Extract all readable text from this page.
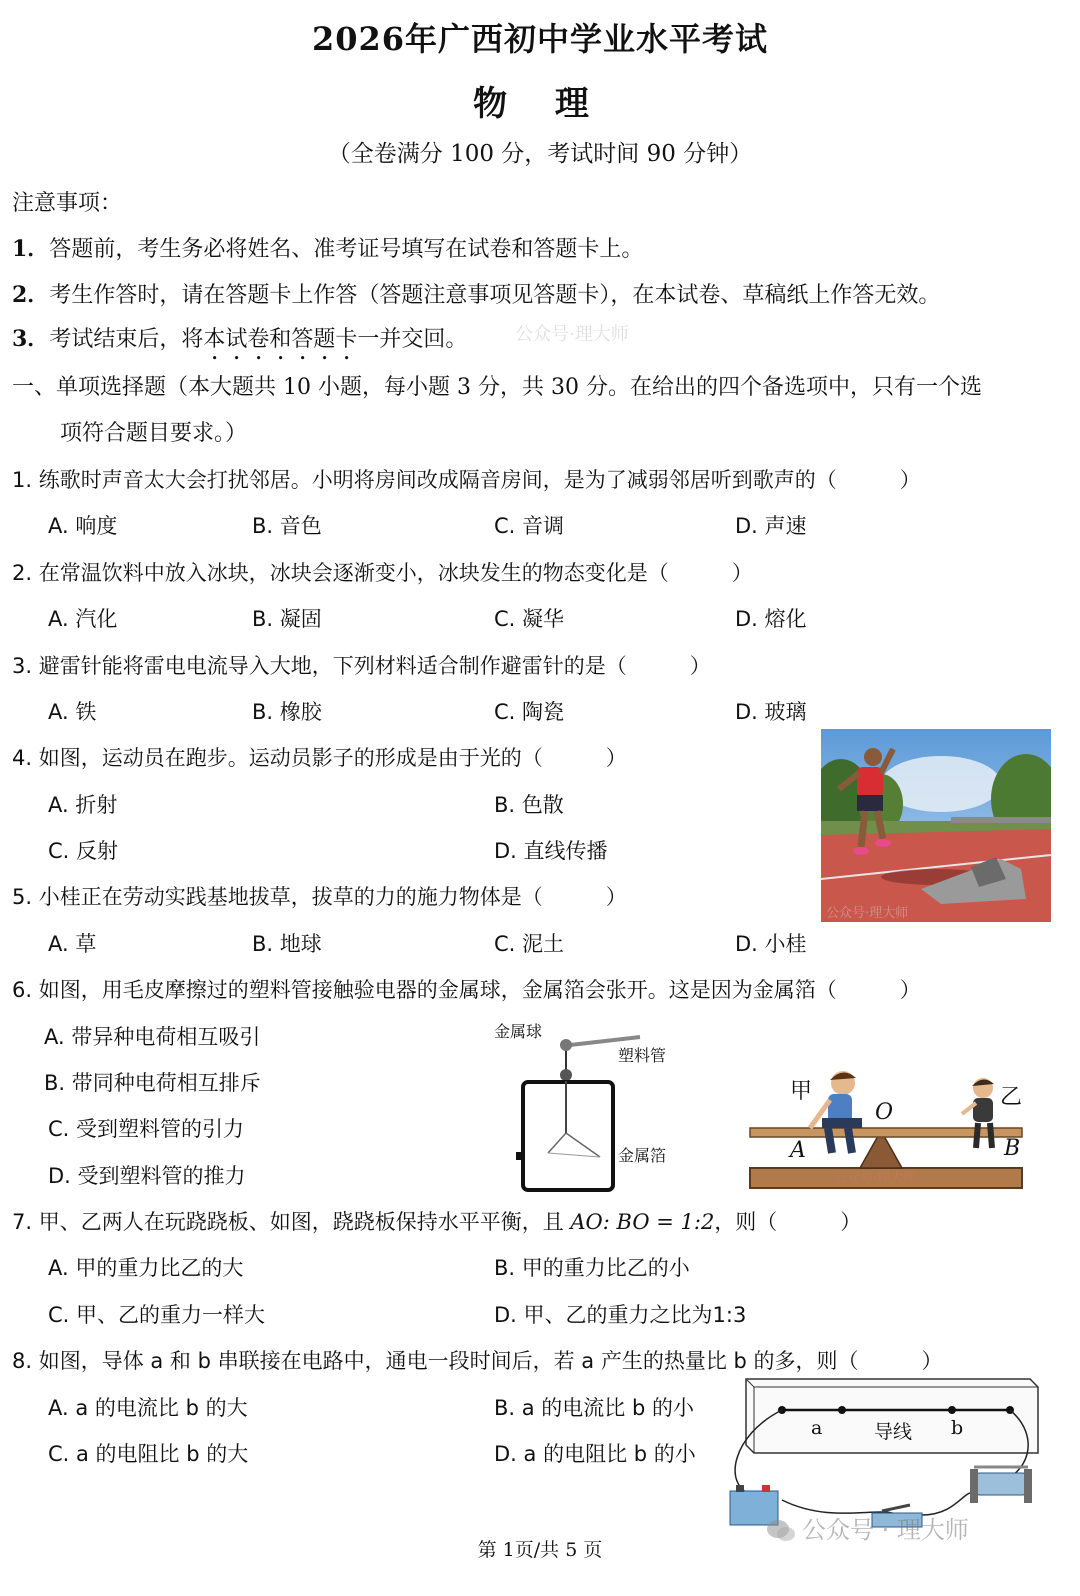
2026年广西初中学业水平考试
物 理
（全卷满分 100 分，考试时间 90 分钟）
注意事项：
1．答题前，考生务必将姓名、准考证号填写在试卷和答题卡上。
2．考生作答时，请在答题卡上作答（答题注意事项见答题卡），在本试卷、草稿纸上作答无效。
3．考试结束后，将本试卷和答题卡一并交回。	公众号·理大师
一、单项选择题（本大题共 10 小题，每小题 3 分，共 30 分。在给出的四个备选项中，只有一个选
项符合题目要求。）
1. 练歌时声音太大会打扰邻居。小明将房间改成隔音房间，是为了减弱邻居听到歌声的（　　　）
A. 响度	B. 音色	C. 音调	D. 声速
2. 在常温饮料中放入冰块，冰块会逐渐变小，冰块发生的物态变化是（　　　）
A. 汽化	B. 凝固	C. 凝华	D. 熔化
3. 避雷针能将雷电电流导入大地，下列材料适合制作避雷针的是（　　　）
A. 铁	B. 橡胶	C. 陶瓷	D. 玻璃
4. 如图，运动员在跑步。运动员影子的形成是由于光的（　　　）
A. 折射	B. 色散
C. 反射	D. 直线传播
公众号·理大师
5. 小桂正在劳动实践基地拔草，拔草的力的施力物体是（　　　）
A. 草	B. 地球	C. 泥土	D. 小桂
6. 如图，用毛皮摩擦过的塑料管接触验电器的金属球，金属箔会张开。这是因为金属箔（　　　）
A. 带异种电荷相互吸引
B. 带同种电荷相互排斥
C. 受到塑料管的引力
D. 受到塑料管的推力
金属球
塑料管
金属箔
公众号·理大师
甲	乙
O
A	B
7. 甲、乙两人在玩跷跷板、如图，跷跷板保持水平平衡，且 AO: BO = 1:2，则（　　　）
A. 甲的重力比乙的大	B. 甲的重力比乙的小
C. 甲、乙的重力一样大	D. 甲、乙的重力之比为1:3
8. 如图，导体 a 和 b 串联接在电路中，通电一段时间后，若 a 产生的热量比 b 的多，则（　　　）
A. a 的电流比 b 的大	B. a 的电流比 b 的小
C. a 的电阻比 b 的大	D. a 的电阻比 b 的小
a	导线 b
公众号 · 理大师
第 1页/共 5 页
